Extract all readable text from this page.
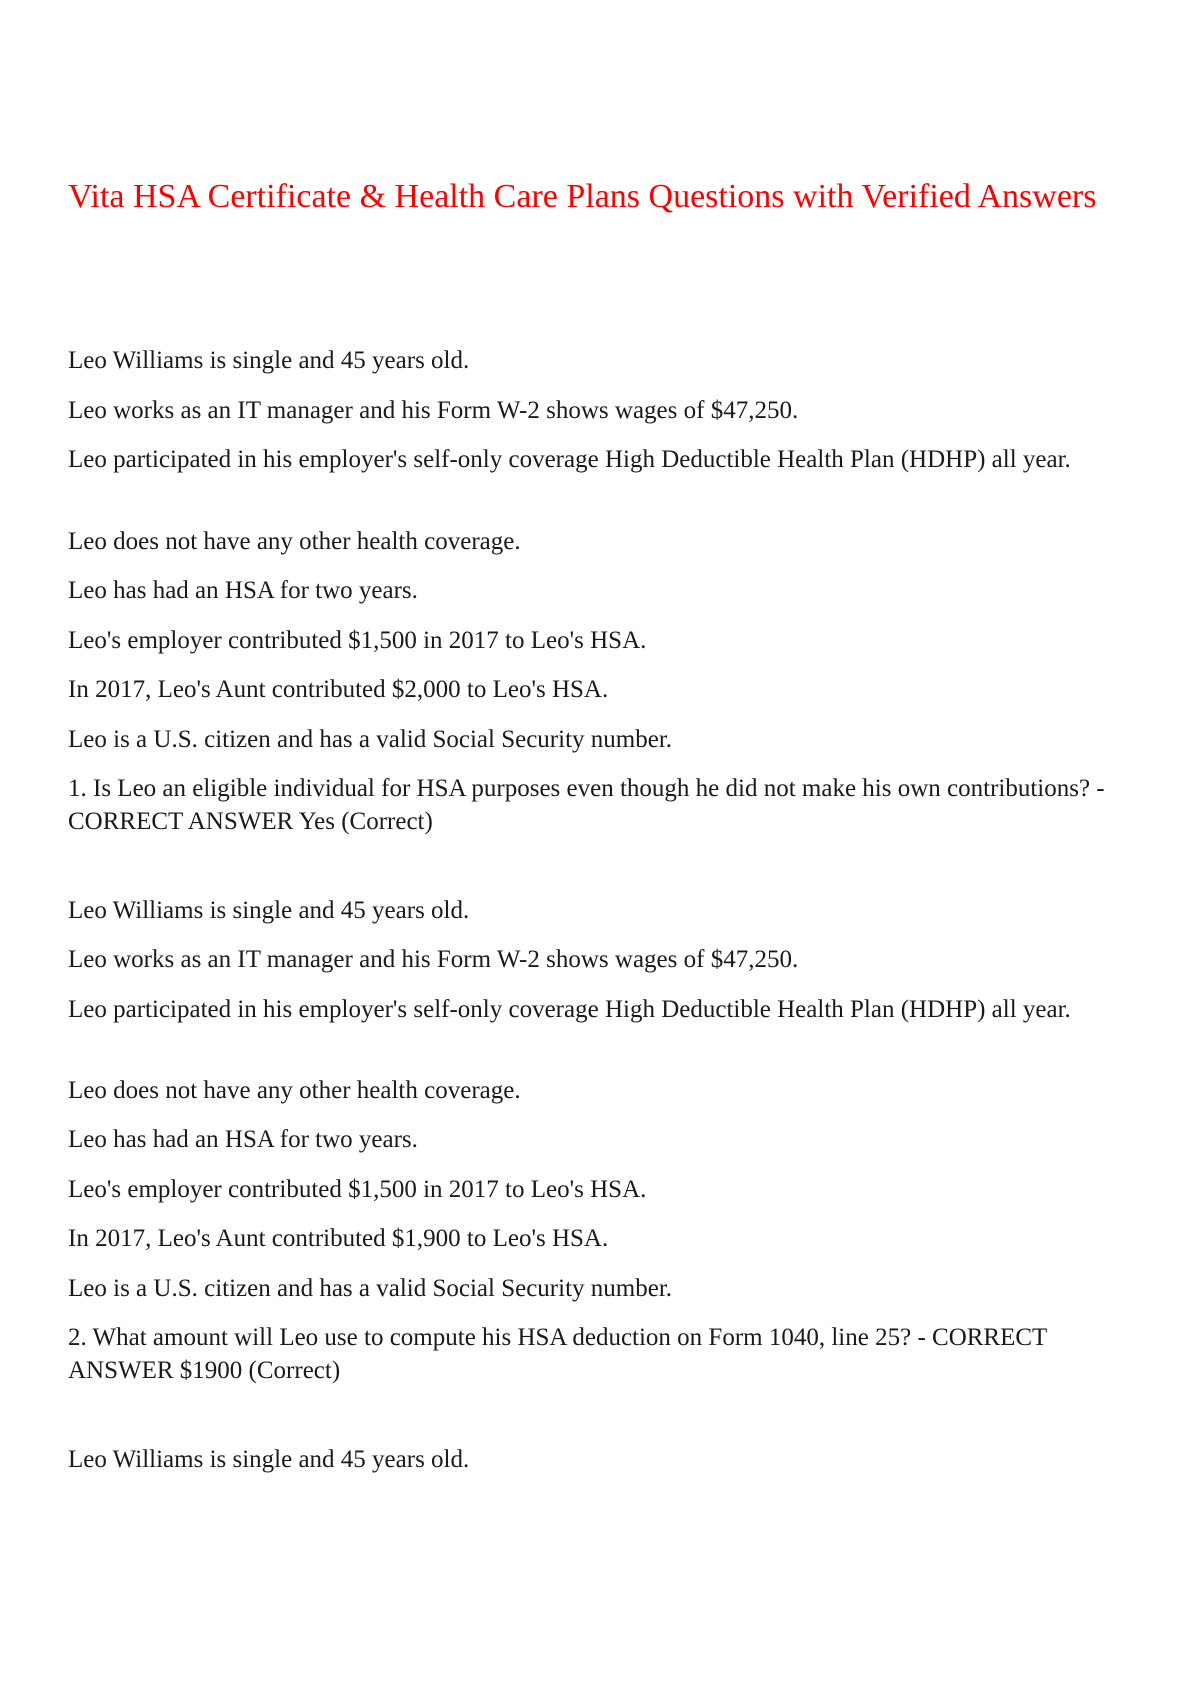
Vita HSA Certificate & Health Care Plans Questions with Verified Answers

Leo Williams is single and 45 years old.

Leo works as an IT manager and his Form W-2 shows wages of $47,250.

Leo participated in his employer's self-only coverage High Deductible Health Plan (HDHP) all year.

Leo does not have any other health coverage.

Leo has had an HSA for two years.

Leo's employer contributed $1,500 in 2017 to Leo's HSA.

In 2017, Leo's Aunt contributed $2,000 to Leo's HSA.

Leo is a U.S. citizen and has a valid Social Security number.

1. Is Leo an eligible individual for HSA purposes even though he did not make his own contributions? - CORRECT ANSWER Yes (Correct)

Leo Williams is single and 45 years old.

Leo works as an IT manager and his Form W-2 shows wages of $47,250.

Leo participated in his employer's self-only coverage High Deductible Health Plan (HDHP) all year.

Leo does not have any other health coverage.

Leo has had an HSA for two years.

Leo's employer contributed $1,500 in 2017 to Leo's HSA.

In 2017, Leo's Aunt contributed $1,900 to Leo's HSA.

Leo is a U.S. citizen and has a valid Social Security number.

2. What amount will Leo use to compute his HSA deduction on Form 1040, line 25? - CORRECT ANSWER $1900 (Correct)

Leo Williams is single and 45 years old.
